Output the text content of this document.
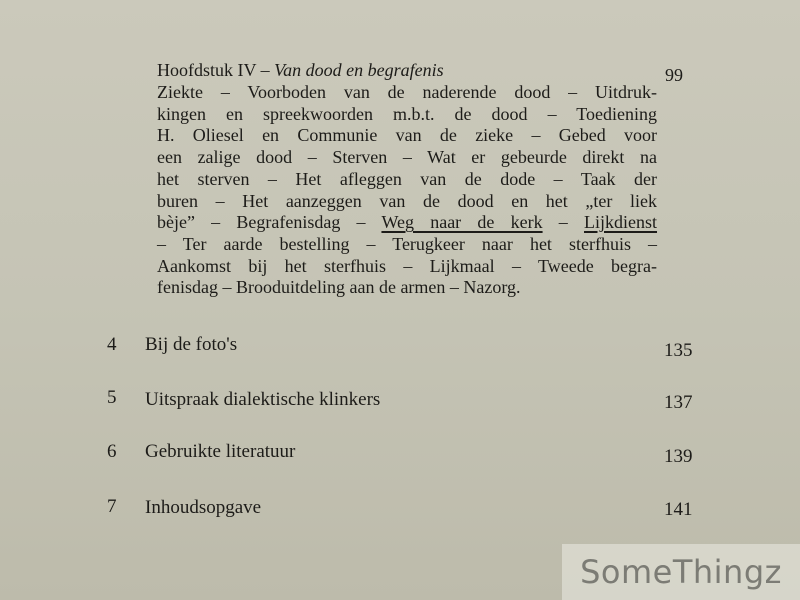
Hoofdstuk IV – Van dood en begrafenis	99
Ziekte – Voorboden van de naderende dood – Uitdruk-
kingen en spreekwoorden m.b.t. de dood – Toediening
H. Oliesel en Communie van de zieke – Gebed voor
een zalige dood – Sterven – Wat er gebeurde direkt na
het sterven – Het afleggen van de dode – Taak der
buren – Het aanzeggen van de dood en het „ter liek
bèje” – Begrafenisdag – Weg naar de kerk – Lijkdienst
– Ter aarde bestelling – Terugkeer naar het sterfhuis –
Aankomst bij het sterfhuis – Lijkmaal – Tweede begra-
fenisdag – Brooduitdeling aan de armen – Nazorg.
4 Bij de foto's	135
5 Uitspraak dialektische klinkers	137
6 Gebruikte literatuur	139
7 Inhoudsopgave	141
SomeThingz
